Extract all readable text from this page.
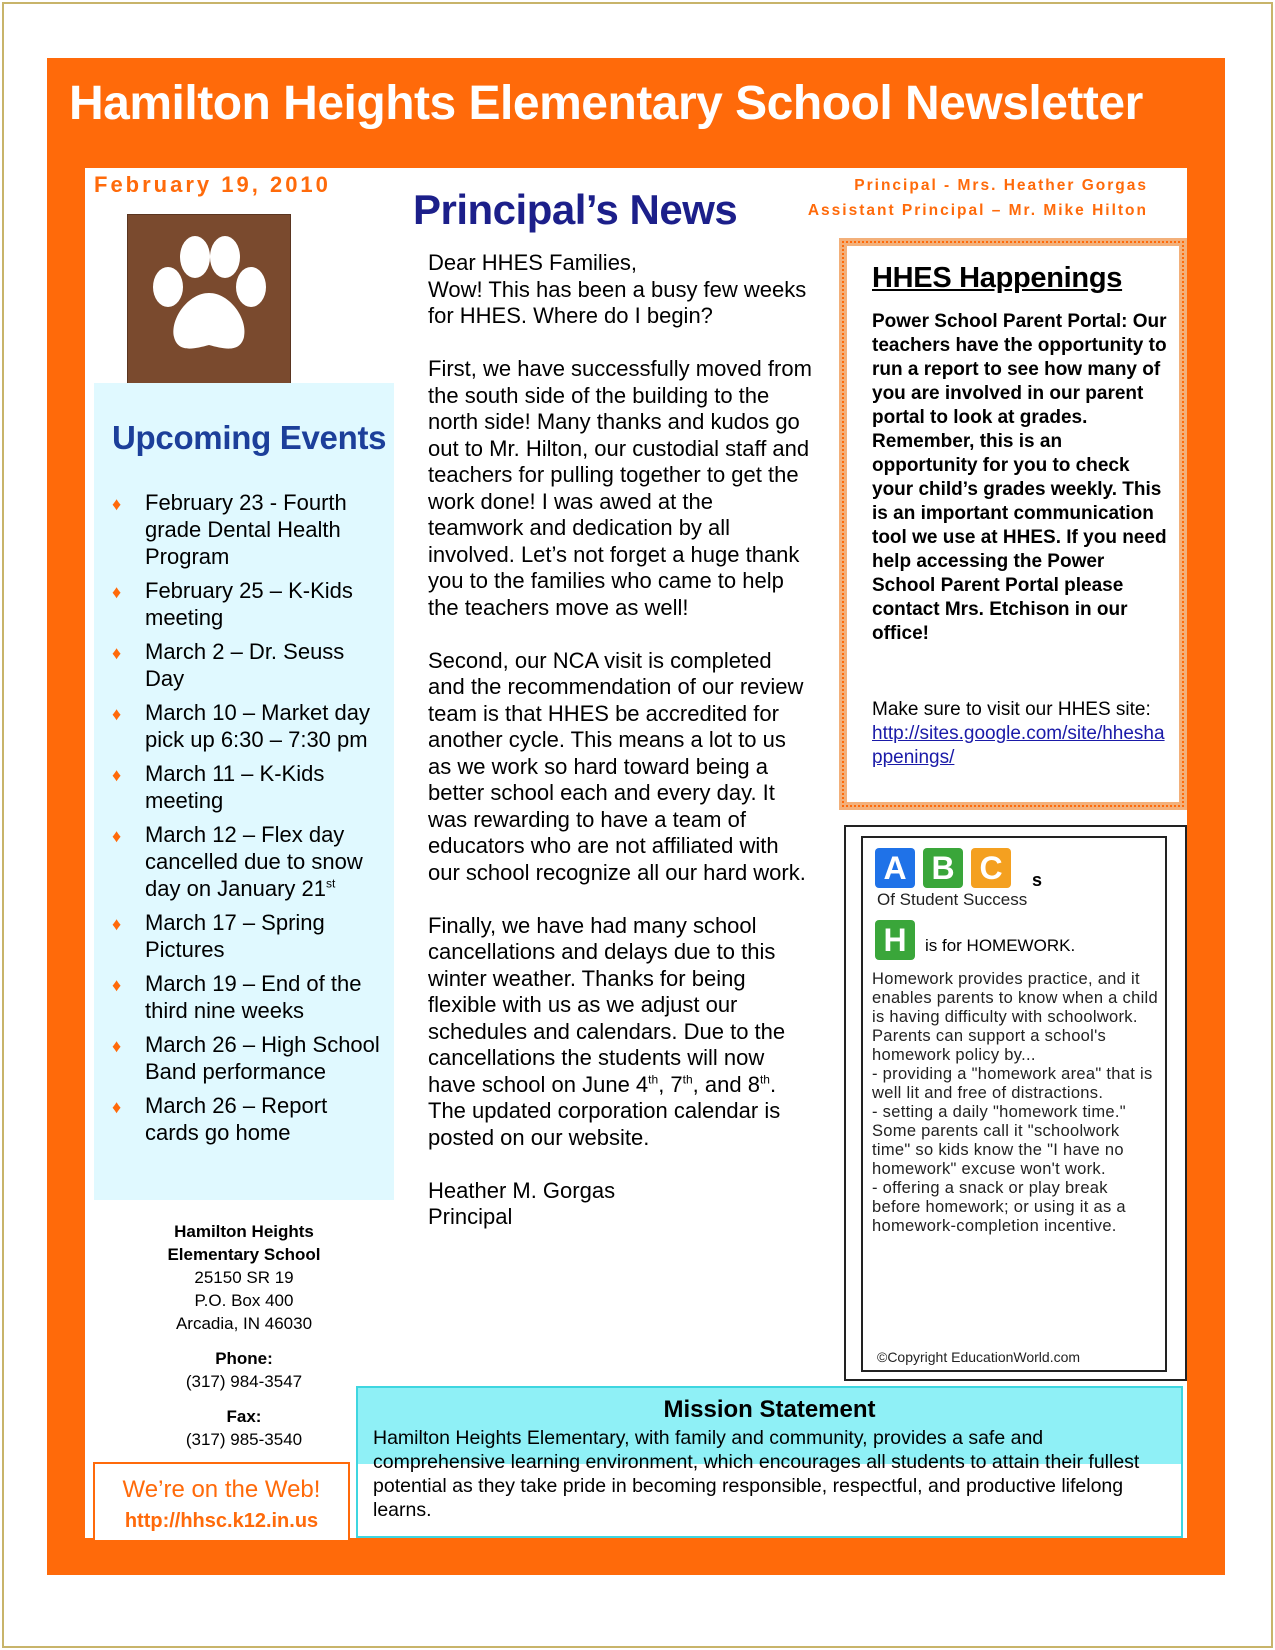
Hamilton Heights Elementary School Newsletter
February 19, 2010	Principal - Mrs. Heather Gorgas
Assistant Principal – Mr. Mike Hilton
Upcoming Events
♦ February 23 - Fourth grade Dental Health Program
♦ February 25 – K-Kids meeting
♦ March 2 – Dr. Seuss Day
♦ March 10 – Market day pick up 6:30 – 7:30 pm
♦ March 11 – K-Kids meeting
♦ March 12 – Flex day cancelled due to snow day on January 21st
♦ March 17 – Spring Pictures
♦ March 19 – End of the third nine weeks
♦ March 26 – High School Band performance
♦ March 26 – Report cards go home
Hamilton Heights
Elementary School
25150 SR 19
P.O. Box 400
Arcadia, IN 46030
Phone:
(317) 984-3547
Fax:
(317) 985-3540
We’re on the Web!
http://hhsc.k12.in.us
Principal’s News

Dear HHES Families,
Wow! This has been a busy few weeks for HHES. Where do I begin?

First, we have successfully moved from the south side of the building to the north side! Many thanks and kudos go out to Mr. Hilton, our custodial staff and teachers for pulling together to get the work done! I was awed at the teamwork and dedication by all involved. Let’s not forget a huge thank you to the families who came to help the teachers move as well!

Second, our NCA visit is completed and the recommendation of our review team is that HHES be accredited for another cycle. This means a lot to us as we work so hard toward being a better school each and every day. It was rewarding to have a team of educators who are not affiliated with our school recognize all our hard work.

Finally, we have had many school cancellations and delays due to this winter weather. Thanks for being flexible with us as we adjust our schedules and calendars. Due to the cancellations the students will now have school on June 4th, 7th, and 8th. The updated corporation calendar is posted on our website.

Heather M. Gorgas
Principal

HHES Happenings
Power School Parent Portal: Our teachers have the opportunity to run a report to see how many of you are involved in our parent portal to look at grades. Remember, this is an opportunity for you to check your child’s grades weekly. This is an important communication tool we use at HHES. If you need help accessing the Power School Parent Portal please contact Mrs. Etchison in our office!
Make sure to visit our HHES site:
http://sites.google.com/site/hheshappenings/
A B C s
Of Student Success
H is for HOMEWORK.
Homework provides practice, and it enables parents to know when a child is having difficulty with schoolwork. Parents can support a school's homework policy by...
- providing a "homework area" that is well lit and free of distractions.
- setting a daily "homework time." Some parents call it "schoolwork time" so kids know the "I have no homework" excuse won't work.
- offering a snack or play break before homework; or using it as a homework-completion incentive.
©Copyright EducationWorld.com
Mission Statement
Hamilton Heights Elementary, with family and community, provides a safe and comprehensive learning environment, which encourages all students to attain their fullest potential as they take pride in becoming responsible, respectful, and productive lifelong learns.
